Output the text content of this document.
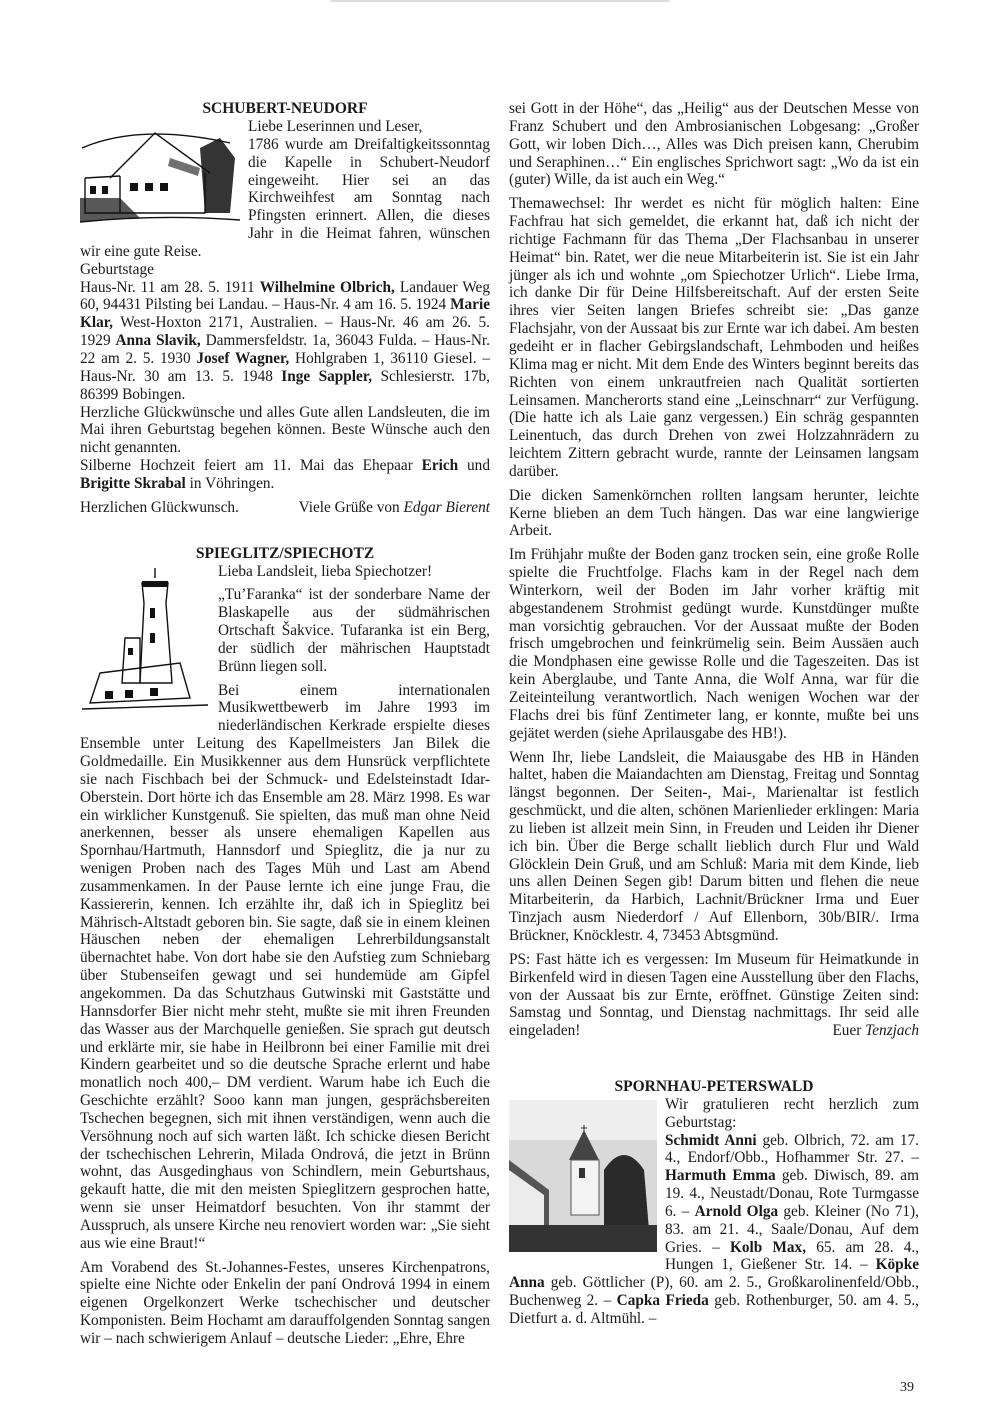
SCHUBERT-NEUDORF

Liebe Leserinnen und Leser,

1786 wurde am Dreifaltigkeitssonntag die Kapelle in Schubert-Neudorf eingeweiht. Hier sei an das Kirchweihfest am Sonntag nach Pfingsten erinnert. Allen, die dieses Jahr in die Heimat fahren, wünschen wir eine gute Reise.

Geburtstage

Haus-Nr. 11 am 28. 5. 1911 Wilhelmine Olbrich, Landauer Weg 60, 94431 Pilsting bei Landau. – Haus-Nr. 4 am 16. 5. 1924 Marie Klar, West-Hoxton 2171, Australien. – Haus-Nr. 46 am 26. 5. 1929 Anna Slavik, Dammersfeldstr. 1a, 36043 Fulda. – Haus-Nr. 22 am 2. 5. 1930 Josef Wagner, Hohlgraben 1, 36110 Giesel. – Haus-Nr. 30 am 13. 5. 1948 Inge Sappler, Schlesierstr. 17b, 86399 Bobingen.

Herzliche Glückwünsche und alles Gute allen Landsleuten, die im Mai ihren Geburtstag begehen können. Beste Wünsche auch den nicht genannten.

Silberne Hochzeit feiert am 11. Mai das Ehepaar Erich und Brigitte Skrabal in Vöhringen.

Herzlichen Glückwunsch.	Viele Grüße von Edgar Bierent
SPIEGLITZ/SPIECHOTZ

Lieba Landsleit, lieba Spiechotzer!

„Tu’Faranka“ ist der sonderbare Name der Blaskapelle aus der südmährischen Ortschaft Šakvice. Tufaranka ist ein Berg, der südlich der mährischen Hauptstadt Brünn liegen soll.

Bei einem internationalen Musikwettbewerb im Jahre 1993 im niederländischen Kerkrade erspielte dieses Ensemble unter Leitung des Kapellmeisters Jan Bilek die Goldmedaille. Ein Musikkenner aus dem Hunsrück verpflichtete sie nach Fischbach bei der Schmuck- und Edelsteinstadt Idar-Oberstein. Dort hörte ich das Ensemble am 28. März 1998. Es war ein wirklicher Kunstgenuß. Sie spielten, das muß man ohne Neid anerkennen, besser als unsere ehemaligen Kapellen aus Spornhau/Hartmuth, Hannsdorf und Spieglitz, die ja nur zu wenigen Proben nach des Tages Müh und Last am Abend zusammenkamen. In der Pause lernte ich eine junge Frau, die Kassiererin, kennen. Ich erzählte ihr, daß ich in Spieglitz bei Mährisch-Altstadt geboren bin. Sie sagte, daß sie in einem kleinen Häuschen neben der ehemaligen Lehrerbildungsanstalt übernachtet habe. Von dort habe sie den Aufstieg zum Schniebarg über Stubenseifen gewagt und sei hundemüde am Gipfel angekommen. Da das Schutzhaus Gutwinski mit Gaststätte und Hannsdorfer Bier nicht mehr steht, mußte sie mit ihren Freunden das Wasser aus der Marchquelle genießen. Sie sprach gut deutsch und erklärte mir, sie habe in Heilbronn bei einer Familie mit drei Kindern gearbeitet und so die deutsche Sprache erlernt und habe monatlich noch 400,– DM verdient. Warum habe ich Euch die Geschichte erzählt? Sooo kann man jungen, gesprächsbereiten Tschechen begegnen, sich mit ihnen verständigen, wenn auch die Versöhnung noch auf sich warten läßt. Ich schicke diesen Bericht der tschechischen Lehrerin, Milada Ondrová, die jetzt in Brünn wohnt, das Ausgedinghaus von Schindlern, mein Geburtshaus, gekauft hatte, die mit den meisten Spieglitzern gesprochen hatte, wenn sie unser Heimatdorf besuchten. Von ihr stammt der Ausspruch, als unsere Kirche neu renoviert worden war: „Sie sieht aus wie eine Braut!“

Am Vorabend des St.-Johannes-Festes, unseres Kirchenpatrons, spielte eine Nichte oder Enkelin der paní Ondrová 1994 in einem eigenen Orgelkonzert Werke tschechischer und deutscher Komponisten. Beim Hochamt am darauffolgenden Sonntag sangen wir – nach schwierigem Anlauf – deutsche Lieder: „Ehre, Ehre

sei Gott in der Höhe“, das „Heilig“ aus der Deutschen Messe von Franz Schubert und den Ambrosianischen Lobgesang: „Großer Gott, wir loben Dich…, Alles was Dich preisen kann, Cherubim und Seraphinen…“ Ein englisches Sprichwort sagt: „Wo da ist ein (guter) Wille, da ist auch ein Weg.“

Themawechsel: Ihr werdet es nicht für möglich halten: Eine Fachfrau hat sich gemeldet, die erkannt hat, daß ich nicht der richtige Fachmann für das Thema „Der Flachsanbau in unserer Heimat“ bin. Ratet, wer die neue Mitarbeiterin ist. Sie ist ein Jahr jünger als ich und wohnte „om Spiechotzer Urlich“. Liebe Irma, ich danke Dir für Deine Hilfsbereitschaft. Auf der ersten Seite ihres vier Seiten langen Briefes schreibt sie: „Das ganze Flachsjahr, von der Aussaat bis zur Ernte war ich dabei. Am besten gedeiht er in flacher Gebirgslandschaft, Lehmboden und heißes Klima mag er nicht. Mit dem Ende des Winters beginnt bereits das Richten von einem unkrautfreien nach Qualität sortierten Leinsamen. Mancherorts stand eine „Leinschnarr“ zur Verfügung. (Die hatte ich als Laie ganz vergessen.) Ein schräg gespannten Leinentuch, das durch Drehen von zwei Holzzahnrädern zu leichtem Zittern gebracht wurde, rannte der Leinsamen langsam darüber.

Die dicken Samenkörnchen rollten langsam herunter, leichte Kerne blieben an dem Tuch hängen. Das war eine langwierige Arbeit.

Im Frühjahr mußte der Boden ganz trocken sein, eine große Rolle spielte die Fruchtfolge. Flachs kam in der Regel nach dem Winterkorn, weil der Boden im Jahr vorher kräftig mit abgestandenem Strohmist gedüngt wurde. Kunstdünger mußte man vorsichtig gebrauchen. Vor der Aussaat mußte der Boden frisch umgebrochen und feinkrümelig sein. Beim Aussäen auch die Mondphasen eine gewisse Rolle und die Tageszeiten. Das ist kein Aberglaube, und Tante Anna, die Wolf Anna, war für die Zeiteinteilung verantwortlich. Nach wenigen Wochen war der Flachs drei bis fünf Zentimeter lang, er konnte, mußte bei uns gejätet werden (siehe Aprilausgabe des HB!).

Wenn Ihr, liebe Landsleit, die Maiausgabe des HB in Händen haltet, haben die Maiandachten am Dienstag, Freitag und Sonntag längst begonnen. Der Seiten-, Mai-, Marienaltar ist festlich geschmückt, und die alten, schönen Marienlieder erklingen: Maria zu lieben ist allzeit mein Sinn, in Freuden und Leiden ihr Diener ich bin. Über die Berge schallt lieblich durch Flur und Wald Glöcklein Dein Gruß, und am Schluß: Maria mit dem Kinde, lieb uns allen Deinen Segen gib! Darum bitten und flehen die neue Mitarbeiterin, da Harbich, Lachnit/Brückner Irma und Euer Tinzjach ausm Niederdorf / Auf Ellenborn, 30b/BIR/. Irma Brückner, Knöcklestr. 4, 73453 Abtsgmünd.

PS: Fast hätte ich es vergessen: Im Museum für Heimatkunde in Birkenfeld wird in diesen Tagen eine Ausstellung über den Flachs, von der Aussaat bis zur Ernte, eröffnet. Günstige Zeiten sind: Samstag und Sonntag, und Dienstag nachmittags. Ihr seid alle eingeladen!	Euer Tenzjach
SPORNHAU-PETERSWALD

Wir gratulieren recht herzlich zum Geburtstag:

Schmidt Anni geb. Olbrich, 72. am 17. 4., Endorf/Obb., Hofhammer Str. 27. – Harmuth Emma geb. Diwisch, 89. am 19. 4., Neustadt/Donau, Rote Turmgasse 6. – Arnold Olga geb. Kleiner (No 71), 83. am 21. 4., Saale/Donau, Auf dem Gries. – Kolb Max, 65. am 28. 4., Hungen 1, Gießener Str. 14. – Köpke Anna geb. Göttlicher (P), 60. am 2. 5., Großkarolinenfeld/Obb., Buchenweg 2. – Capka Frieda geb. Rothenburger, 50. am 4. 5., Dietfurt a. d. Altmühl. –

39
